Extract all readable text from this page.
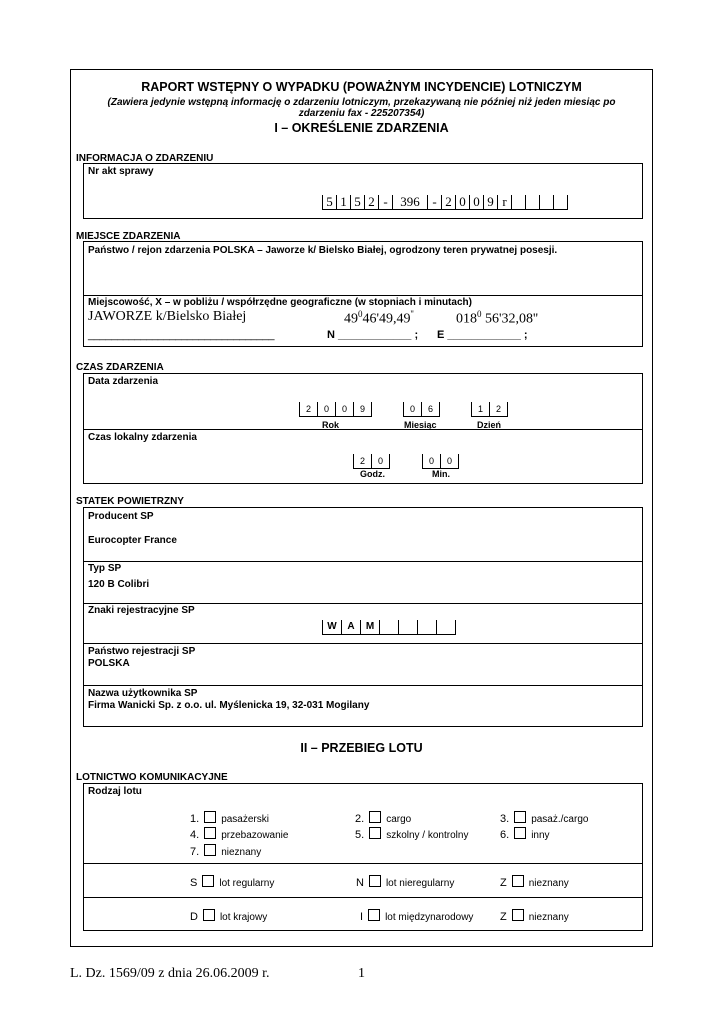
RAPORT WSTĘPNY O WYPADKU (POWAŻNYM INCYDENCIE) LOTNICZYM
(Zawiera jedynie wstępną informację o zdarzeniu lotniczym, przekazywaną nie później niż jeden miesiąc po
zdarzeniu fax - 225207354)
I – OKREŚLENIE ZDARZENIA
INFORMACJA O ZDARZENIU
Nr akt sprawy
5 1 5 2 - 396 - 2 0 0 9 r
MIEJSCE ZDARZENIA
Państwo / rejon zdarzenia POLSKA – Jaworze k/ Bielsko Białej, ogrodzony teren prywatnej posesji.
Miejscowość, X – w pobliżu / współrzędne geograficzne (w stopniach i minutach)
JAWORZE k/Bielsko Białej	$49^046'49,49''$	$018^0$ 56'32,08''
________________________________	N ____________ ; E ____________ ;
CZAS ZDARZENIA
Data zdarzenia
2	0	0	9	0	6	1	2
Rok	Miesiąc	Dzień
Czas lokalny zdarzenia
2	0	0	0
Godz.	Min.
STATEK POWIETRZNY
Producent SP
Eurocopter France
Typ SP
120 B Colibri
Znaki rejestracyjne SP
W	A	M
Państwo rejestracji SP
POLSKA
Nazwa użytkownika SP
Firma Wanicki Sp. z o.o. ul. Myślenicka 19, 32-031 Mogilany
II – PRZEBIEG LOTU
LOTNICTWO KOMUNIKACYJNE
Rodzaj lotu
1. pasażerski	2. cargo	3. pasaż./cargo
4. przebazowanie	5. szkolny / kontrolny	6. inny
7. nieznany
S lot regularny	N lot nieregularny	Z nieznany
D lot krajowy	I lot międzynarodowy Z nieznany
L. Dz. 1569/09 z dnia 26.06.2009 r.	1
